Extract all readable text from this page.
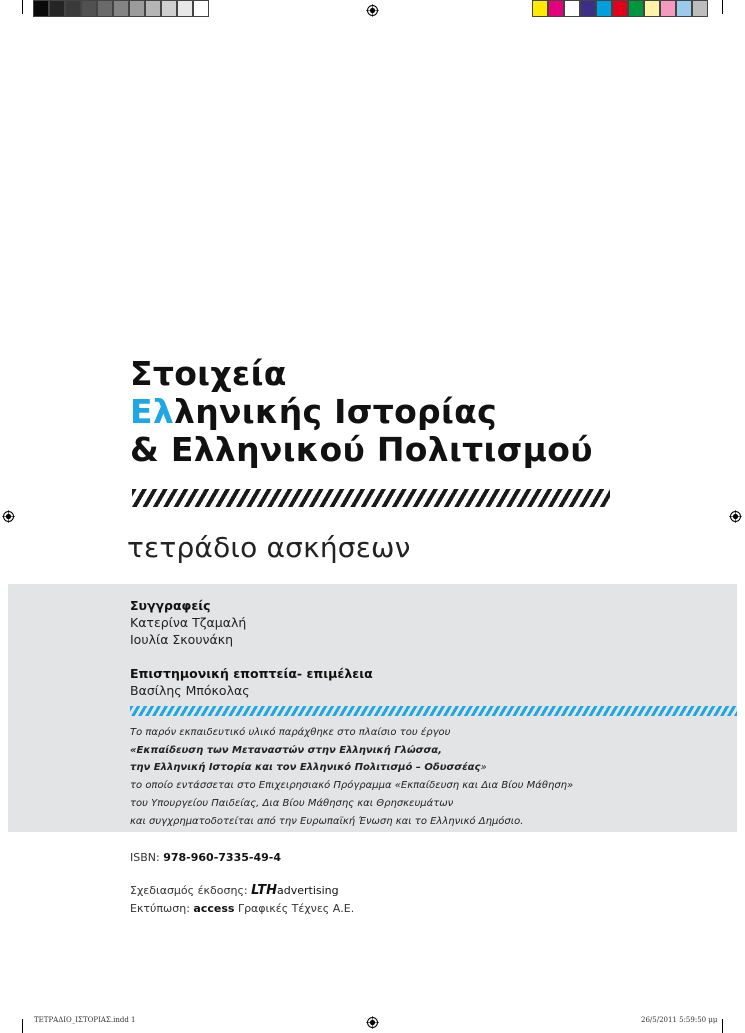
Στοιχεία
Ελληνικής Ιστορίας
& Ελληνικού Πολιτισμού
τετράδιο ασκήσεων
Συγγραφείς
Κατερίνα Τζαμαλή
Ιουλία Σκουνάκη
Επιστημονική εποπτεία- επιμέλεια
Βασίλης Μπόκολας
Το παρόν εκπαιδευτικό υλικό παράχθηκε στο πλαίσιο του έργου
«Εκπαίδευση των Μεταναστών στην Ελληνική Γλώσσα,
την Ελληνική Ιστορία και τον Ελληνικό Πολιτισμό – Οδυσσέας»
το οποίο εντάσσεται στο Επιχειρησιακό Πρόγραμμα «Εκπαίδευση και Δια Βίου Μάθηση»
του Υπουργείου Παιδείας, Δια Βίου Μάθησης και Θρησκευμάτων
και συγχρηματοδοτείται από την Ευρωπαϊκή Ένωση και το Ελληνικό Δημόσιο.
ISBN: 978-960-7335-49-4
Σχεδιασμός έκδοσης: LTHadvertising
Εκτύπωση: access Γραφικές Τέχνες Α.Ε.
ΤΕΤΡΑΔΙΟ_ΙΣΤΟΡΙΑΣ.indd 1	26/5/2011 5:59:50 μμ
